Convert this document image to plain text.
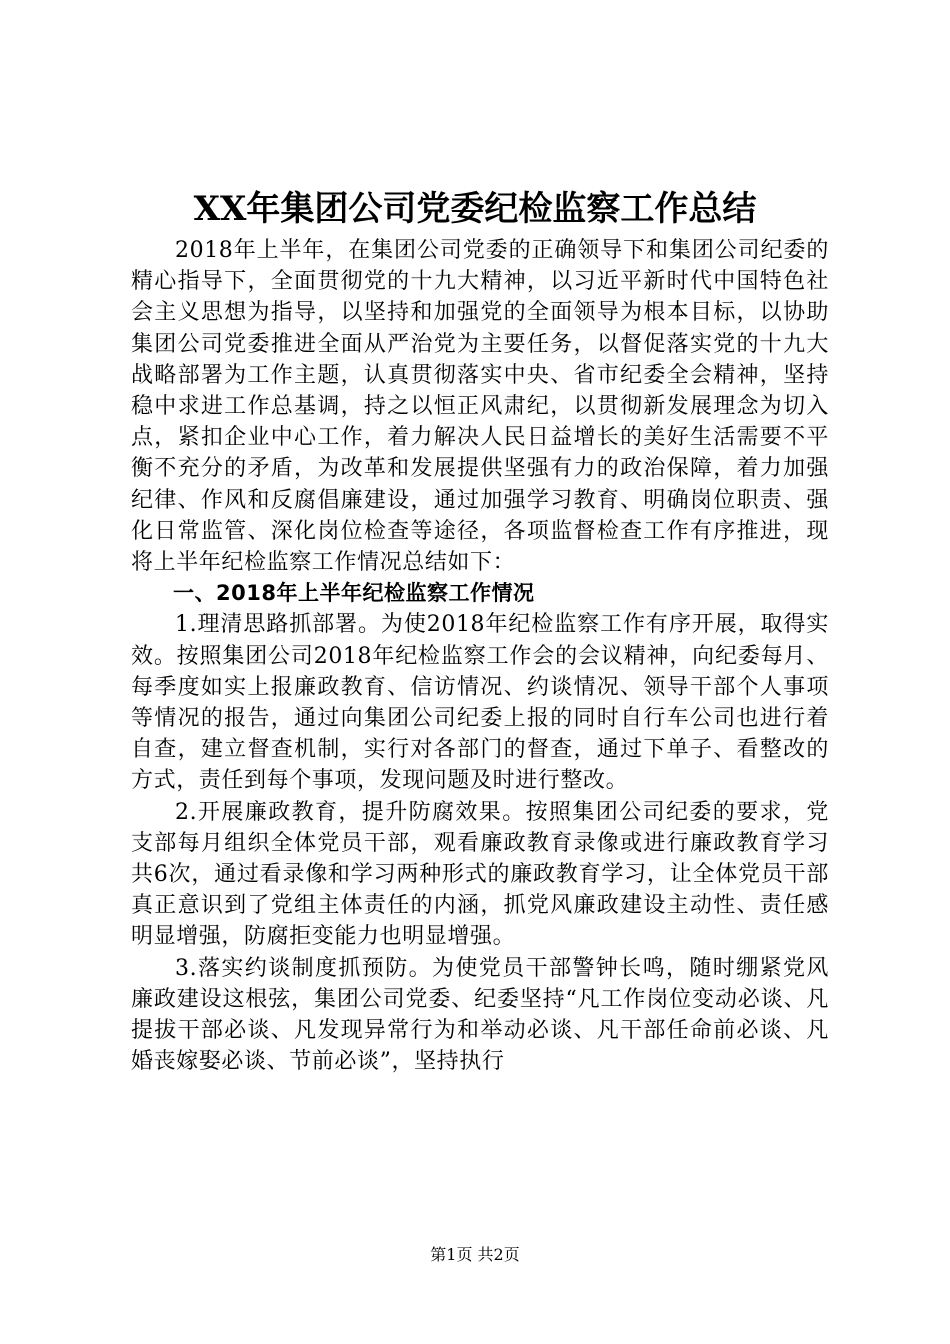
XX年集团公司党委纪检监察工作总结

2018年上半年，在集团公司党委的正确领导下和集团公司纪委的精心指导下，全面贯彻党的十九大精神，以习近平新时代中国特色社会主义思想为指导，以坚持和加强党的全面领导为根本目标，以协助集团公司党委推进全面从严治党为主要任务，以督促落实党的十九大战略部署为工作主题，认真贯彻落实中央、省市纪委全会精神，坚持稳中求进工作总基调，持之以恒正风肃纪，以贯彻新发展理念为切入点，紧扣企业中心工作，着力解决人民日益增长的美好生活需要不平衡不充分的矛盾，为改革和发展提供坚强有力的政治保障，着力加强纪律、作风和反腐倡廉建设，通过加强学习教育、明确岗位职责、强化日常监管、深化岗位检查等途径，各项监督检查工作有序推进，现将上半年纪检监察工作情况总结如下：

一、2018年上半年纪检监察工作情况

1.理清思路抓部署。为使2018年纪检监察工作有序开展，取得实效。按照集团公司2018年纪检监察工作会的会议精神，向纪委每月、每季度如实上报廉政教育、信访情况、约谈情况、领导干部个人事项等情况的报告，通过向集团公司纪委上报的同时自行车公司也进行着自查，建立督查机制，实行对各部门的督查，通过下单子、看整改的方式，责任到每个事项，发现问题及时进行整改。

2.开展廉政教育，提升防腐效果。按照集团公司纪委的要求，党支部每月组织全体党员干部，观看廉政教育录像或进行廉政教育学习共6次，通过看录像和学习两种形式的廉政教育学习，让全体党员干部真正意识到了党组主体责任的内涵，抓党风廉政建设主动性、责任感明显增强，防腐拒变能力也明显增强。

3.落实约谈制度抓预防。为使党员干部警钟长鸣，随时绷紧党风廉政建设这根弦，集团公司党委、纪委坚持“凡工作岗位变动必谈、凡提拔干部必谈、凡发现异常行为和举动必谈、凡干部任命前必谈、凡婚丧嫁娶必谈、节前必谈”，坚持执行

第1页 共2页
